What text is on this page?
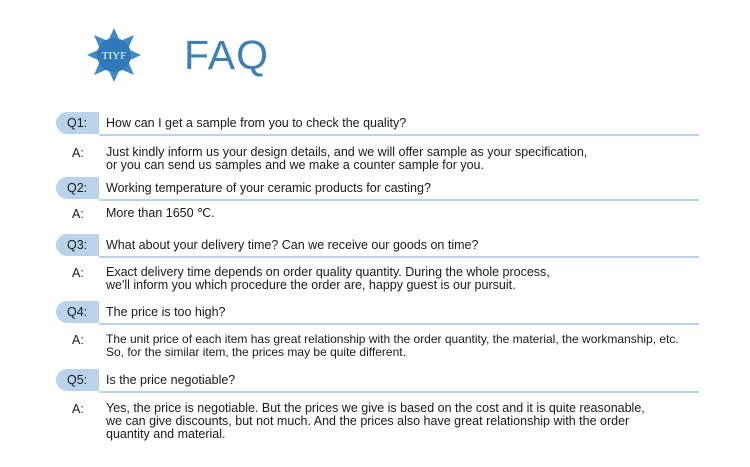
TIYF FAQ
Q1:	How can I get a sample from you to check the quality?
A: Just kindly inform us your design details, and we will offer sample as your specification,
or you can send us samples and we make a counter sample for you.
Q2:	Working temperature of your ceramic products for casting?
A: More than 1650 ℃.
Q3:	What about your delivery time? Can we receive our goods on time?
A: Exact delivery time depends on order quality quantity. During the whole process,
we'll inform you which procedure the order are, happy guest is our pursuit.
Q4:	The price is too high?
A: The unit price of each item has great relationship with the order quantity, the material, the workmanship, etc.
So, for the similar item, the prices may be quite different.
Q5:	Is the price negotiable?
A: Yes, the price is negotiable. But the prices we give is based on the cost and it is quite reasonable,
we can give discounts, but not much. And the prices also have great relationship with the order
quantity and material.
